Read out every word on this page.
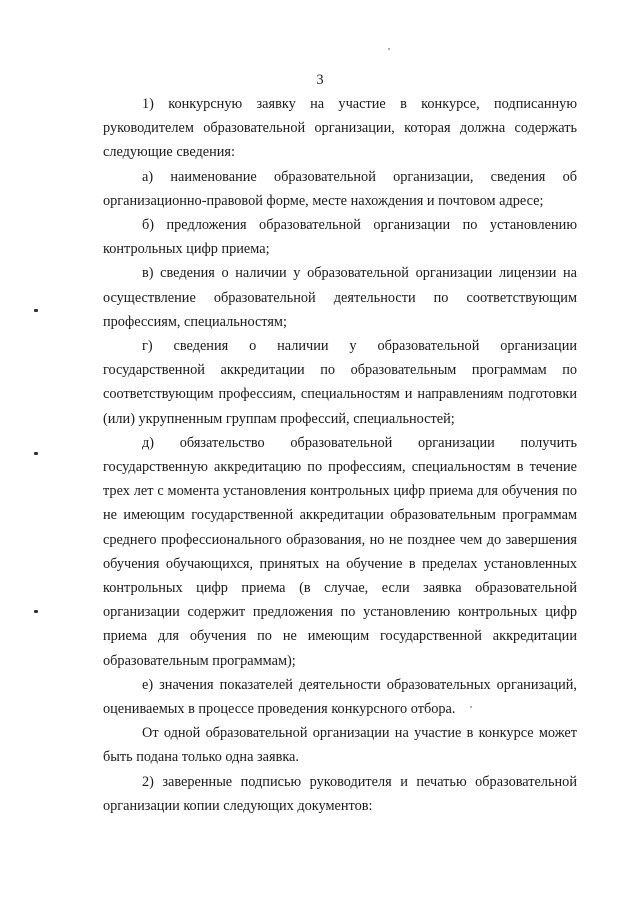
3

1) конкурсную заявку на участие в конкурсе, подписанную руководителем образовательной организации, которая должна содержать следующие сведения:

а) наименование образовательной организации, сведения об организационно-правовой форме, месте нахождения и почтовом адресе;

б) предложения образовательной организации по установлению контрольных цифр приема;

в) сведения о наличии у образовательной организации лицензии на осуществление образовательной деятельности по соответствующим профессиям, специальностям;

г) сведения о наличии у образовательной организации государственной аккредитации по образовательным программам по соответствующим профессиям, специальностям и направлениям подготовки (или) укрупненным группам профессий, специальностей;

д) обязательство образовательной организации получить государственную аккредитацию по профессиям, специальностям в течение трех лет с момента установления контрольных цифр приема для обучения по не имеющим государственной аккредитации образовательным программам среднего профессионального образования, но не позднее чем до завершения обучения обучающихся, принятых на обучение в пределах установленных контрольных цифр приема (в случае, если заявка образовательной организации содержит предложения по установлению контрольных цифр приема для обучения по не имеющим государственной аккредитации образовательным программам);

е) значения показателей деятельности образовательных организаций, оцениваемых в процессе проведения конкурсного отбора.

От одной образовательной организации на участие в конкурсе может быть подана только одна заявка.

2) заверенные подписью руководителя и печатью образовательной организации копии следующих документов:
